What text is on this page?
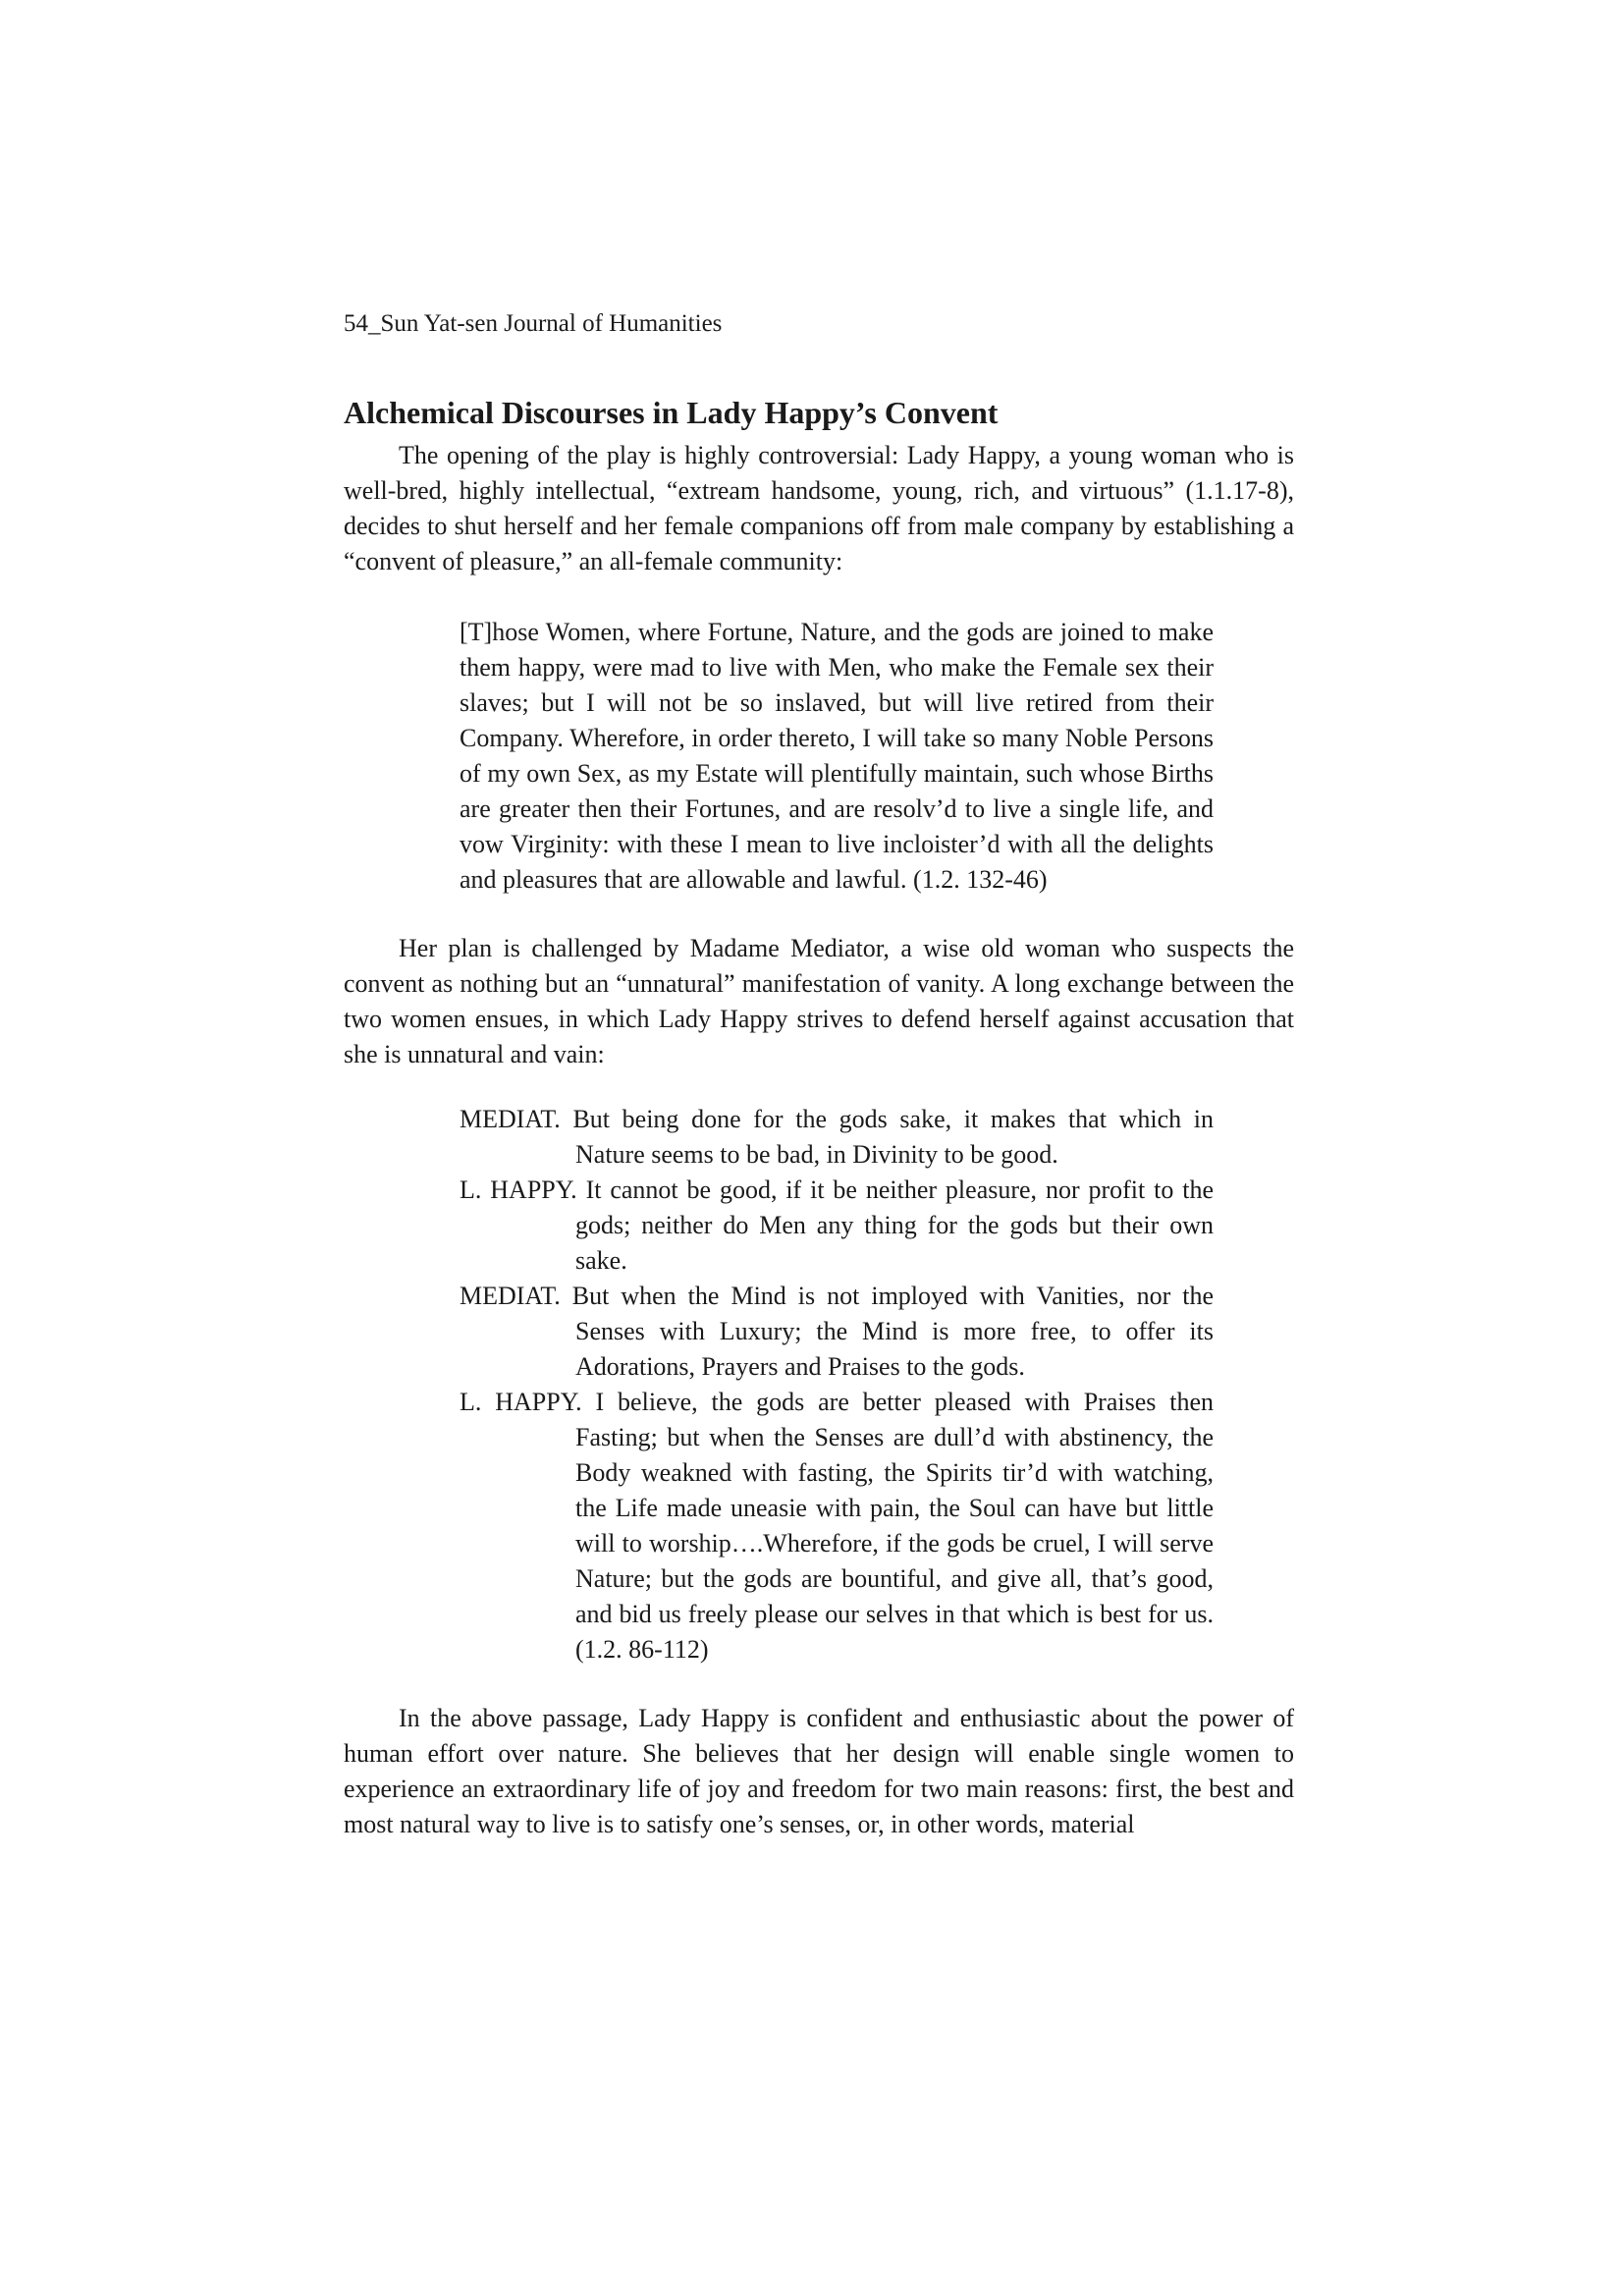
54_Sun Yat-sen Journal of Humanities

Alchemical Discourses in Lady Happy’s Convent

The opening of the play is highly controversial: Lady Happy, a young woman who is well-bred, highly intellectual, “extream handsome, young, rich, and virtuous” (1.1.17-8), decides to shut herself and her female companions off from male company by establishing a “convent of pleasure,” an all-female community:

[T]hose Women, where Fortune, Nature, and the gods are joined to make them happy, were mad to live with Men, who make the Female sex their slaves; but I will not be so inslaved, but will live retired from their Company. Wherefore, in order thereto, I will take so many Noble Persons of my own Sex, as my Estate will plentifully maintain, such whose Births are greater then their Fortunes, and are resolv’d to live a single life, and vow Virginity: with these I mean to live incloister’d with all the delights and pleasures that are allowable and lawful. (1.2. 132-46)

Her plan is challenged by Madame Mediator, a wise old woman who suspects the convent as nothing but an “unnatural” manifestation of vanity. A long exchange between the two women ensues, in which Lady Happy strives to defend herself against accusation that she is unnatural and vain:

MEDIAT. But being done for the gods sake, it makes that which in Nature seems to be bad, in Divinity to be good.

L. HAPPY. It cannot be good, if it be neither pleasure, nor profit to the gods; neither do Men any thing for the gods but their own sake.

MEDIAT. But when the Mind is not imployed with Vanities, nor the Senses with Luxury; the Mind is more free, to offer its Adorations, Prayers and Praises to the gods.

L. HAPPY. I believe, the gods are better pleased with Praises then Fasting; but when the Senses are dull’d with abstinency, the Body weakned with fasting, the Spirits tir’d with watching, the Life made uneasie with pain, the Soul can have but little will to worship….Wherefore, if the gods be cruel, I will serve Nature; but the gods are bountiful, and give all, that’s good, and bid us freely please our selves in that which is best for us. (1.2. 86-112)

In the above passage, Lady Happy is confident and enthusiastic about the power of human effort over nature. She believes that her design will enable single women to experience an extraordinary life of joy and freedom for two main reasons: first, the best and most natural way to live is to satisfy one’s senses, or, in other words, material
